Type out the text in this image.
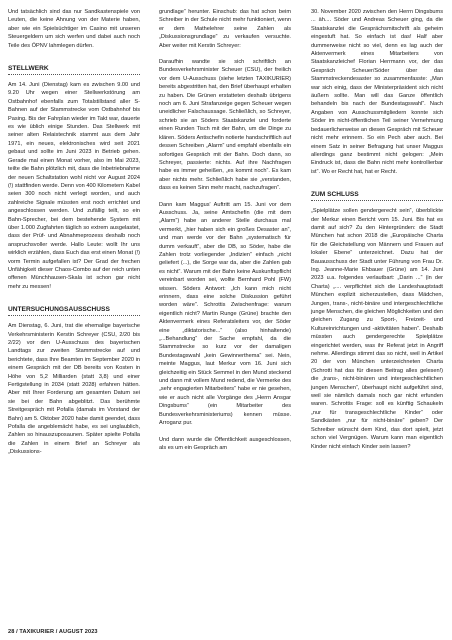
Und tatsächlich sind das nur Sandkastenspiele von Leuten, die keine Ahnung von der Materie haben, aber wie ein Spielsüchtiger im Casino mit unseren Steuergeldern um sich werfen und dabei auch noch Teile des ÖPNV lahmlegen dürfen.

STELLWERK

Am 14. Juni (Dienstag) kam es zwischen 9.00 und 9.20 Uhr wegen einer Stellwerkstörung am Ostbahnhof ebenfalls zum Totalstillstand aller S-Bahnen auf der Stammstrecke vom Ostbahnhof bis Pasing. Bis der Fahrplan wieder im Takt war, dauerte es wie üblich einige Stunden. Das Stellwerk mit seiner alten Relaistechnik stammt aus dem Jahr 1971, ein neues, elektronisches wird seit 2021 gebaut und sollte im Juni 2023 in Betrieb gehen. Gerade mal einen Monat vorher, also im Mai 2023, teilte die Bahn plötzlich mit, dass die Inbetriebnahme der neuen Schaltstation wohl nicht vor August 2024 (!) stattfinden werde. Denn von 400 Kilometern Kabel seien 300 noch nicht verlegt worden, und auch zahlreiche Signale müssten erst noch errichtet und angeschlossen werden. Und zufällig teilt, so ein Bahn-Sprecher, bei dem bestehende System mit über 1.000 Zugfahrten täglich so extrem ausgelastet, dass der Prüf- und Abnahmeprozess deshalb noch anspruchsvoller werde. Hallo Leute: wollt Ihr uns wirklich erzählen, dass Euch das erst einen Monat (!) vorm Termin aufgefallen ist? Der Grad der frechen Unfähigkeit dieser Chaos-Combo auf der reich unten offenen Münchhausen-Skala ist schon gar nicht mehr zu messen!

UNTERSUCHUNGSAUSSCHUSS

Am Dienstag, 6. Juni, trat die ehemalige bayerische Verkehrsministerin Kerstin Schreyer (CSU, 2/20 bis 2/22) vor den U-Ausschuss des bayerischen Landtags zur zweiten Stammstrecke auf und berichtete, dass Ihre Beamten im September 2020 in einem Gespräch mit der DB bereits von Kosten in Höhe von 5,2 Milliarden (statt 3,8) und einer Fertigstellung in 2034 (statt 2028) erfahren hätten. Aber mit Ihrer Forderung am gesamten Datum sei sie bei der Bahn abgeblitzt. Das berühmte Streitgespräch mit Pofalla (damals im Vorstand der Bahn) am 5. Oktober 2020 habe damit geendet, dass Pofalla die angeblemächt habe, es sei unglaublich, Zahlen so hinauszuposaunen. Später spielte Pofalla die Zahlen in einem Brief an Schreyer als „Diskussions-

grundlage“ herunter. Einschub: das hat schon beim Schreiber in der Schule nicht mehr funktioniert, wenn er dem Mathelehrer seine Zahlen als „Diskussionsgrundlage“ zu verkaufen versuchte. Aber weiter mit Kerstin Schreyer:

Daraufhin wandte sie sich schriftlich an Bundesverkehrsminister Scheuer (CSU), der freilich vor dem U-Ausschuss (siehe letzten TAXIKURIER) bereits abgestritten hat, den Brief überhaupt erhalten zu haben. Die Grünen erstatteten deshalb übrigens noch am 6. Juni Strafanzeige gegen Scheuer wegen uneidlicher Falschaussage. Schließlich, so Schreyer, schrieb sie an Söders Staatskanzlei und forderte einen Runden Tisch mit der Bahn, um die Dinge zu klären. Söders Antischefin notierte handschriftlich auf dessen Schreiben „Alarm“ und empfahl ebenfalls ein sofortiges Gespräch mit der Bahn. Doch dann, so Schreyer, passierte: nichts. Auf ihre Nachfragen habe es immer geheißen, „es kommt noch“. Es kam aber nichts mehr. Schließlich habe sie „verstanden, dass es keinen Sinn mehr macht, nachzufragen“.

Dann kam Maggus' Auftritt am 15. Juni vor dem Ausschuss. Ja, seine Amtschefin (die mit dem „Alarm“) habe an anderer Stelle durchaus mal vermerkt, „hier haben sich ein großes Desaster an“, und man werde vor der Bahn „systematisch für dumm verkauft“, aber die DB, so Söder, habe die Zahlen trotz vorliegender „Indizien“ einfach „nicht geliefert (...), die Sorge war da, aber die Zahlen gab es nicht“. Warum mit der Bahn keine Auskunftspflicht vereinbart worden sei, wollte Bernhard Pohl (FW) wissen. Söders Antwort: „Ich kann mich nicht erinnern, dass eine solche Diskussion geführt worden wäre“. Schrottis Zwischenfrage: warum eigentlich nicht? Martin Runge (Grüne) brachte den Aktenvermerk eines Referatsleiters vor, der Söder eine „diktatorische...“ (also hinhaltende) „...Behandlung“ der Sache empfahl, da die Stammstrecke so kurz vor der damaligen Bundestagswahl „kein Gewinnerthema“ sei. Nein, meinte Maggus, laut Merkur vom 16. Juni sich gleichzeitig ein Stück Semmel in den Mund steckend und dann mit vollem Mund redend, die Vermerke des „sehr engagierten Mitarbeiters“ habe er nie gesehen, wie er auch nicht alle Vorgänge des „Herrn Ansgar Dingsbums“ (ein Mitarbeiter des Bundesverkehrsministeriums) kennen müsse. Arroganz pur.

Und dann wurde die Öffentlichkeit ausgeschlossen, als es um ein Gespräch am

30. November 2020 zwischen den Herrn Dingsbums ... äh.... Söder und Andreas Scheuer ging, da die Staatskanzlei die Gesprächsmitschrift als geheim eingestuft hat. So einfach ist das! Half aber dummerweise nicht so viel, denn es lag auch der Aktenvermerk eines Mitarbeiters von Staatskanzleichef Florian Herrmann vor, der das Gespräch Scheuer/Söder über das Stammstreckendesaster so zusammenfasste: „Man war sich einig, dass der Ministerpräsident sich nicht äußern sollte. Man will das Ganze öffentlich behandeln bis nach der Bundestagswahl“. Nach Angaben von Ausschussmitgliedern konnte sich Söder im nicht-öffentlichen Teil seiner Vernehmung bedauerlicherweise an diesen Gespräch mit Scheuer nicht mehr erinnern. So ein Pech aber auch. Bei einem Satz in seiner Befragung hat unser Maggus allerdings ganz bestimmt nicht gelogen: „Mein Eindruck ist, dass die Bahn nicht mehr kontrollierbar ist“. Wo er Recht hat, hat er Recht.

ZUM SCHLUSS

„Spielplätze sollen gendergerecht sein“, überblickte der Merkur einen Bericht vom 15. Juni. Bis hat es damit auf sich? Zu den Hintergründen: die Stadt München hat schon 2018 die „Europäische Charta für die Gleichstellung von Männern und Frauen auf lokaler Ebene“ unterzeichnet. Dazu hat der Bauausschuss der Stadt unter Führung von Frau Dr. Ing. Jeanne-Marie Ehbauer (Grüne) am 14. Juni 2023 u.a. folgendes verlautbart: „Darin ...“ (in der Charta) „.... verpflichtet sich die Landeshauptstadt München explizit sicherzustellen, dass Mädchen, Jungen, trans-, nicht-binäre und intergeschlechtliche junge Menschen, die gleichen Möglichkeiten und den gleichen Zugang zu Sport-, Freizeit- und Kultureinrichtungen und -aktivitäten haben“. Deshalb müssten auch gendergerechte Spielplätze eingerichtet werden, was ihr Referat jetzt in Angriff nehme. Allerdings stimmt das so nicht, weil in Artikel 20 der von München unterzeichneten Charta (Schrotti hat das für diesen Beitrag alles gelesen!) die „trans-, nicht-binären und intergeschlechtlichen jungen Menschen“, überhaupt nicht aufgeführt sind, weil sie nämlich damals noch gar nicht erfunden waren. Schrottis Frage: soll es künftig Schaukeln „nur für transgeschlechtliche Kinder“ oder Sandkästen „nur für nicht-binäre“ geben? Der Schreiber wünscht dem Kind, das dort spielt, jetzt schon viel Vergnügen. Warum kann man eigentlich Kinder nicht einfach Kinder sein lassen?

28 / TAXIKURIER / AUGUST 2023
